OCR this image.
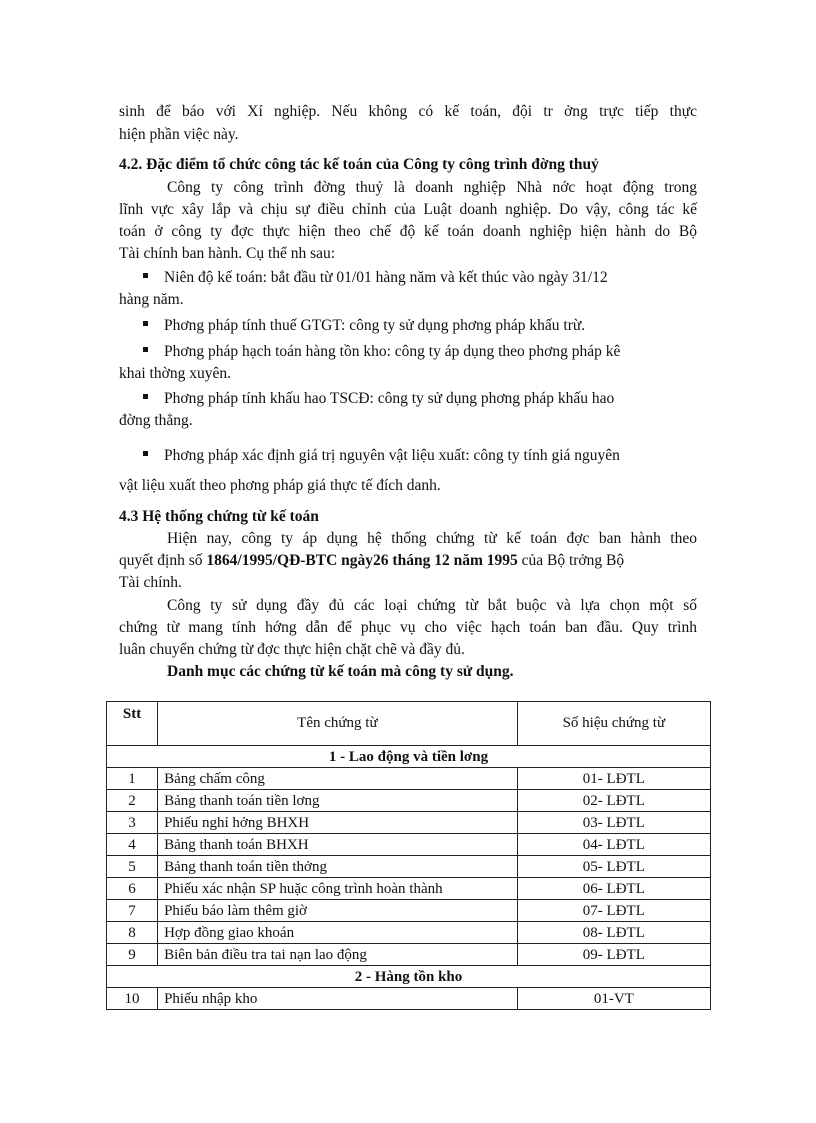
sinh để báo với Xí nghiệp. Nếu không có kế toán, đội tr ởng trực tiếp thực
hiện phần việc này.
4.2. Đặc điểm tổ chức công tác kế toán của Công ty công trình đờng thuỷ
Công ty công trình đờng thuỷ là doanh nghiệp Nhà nớc hoạt động trong
lĩnh vực xây lắp và chịu sự điều chỉnh của Luật doanh nghiệp. Do vậy, công tác kế
toán ở công ty đợc thực hiện theo chế độ kế toán doanh nghiệp hiện hành do Bộ
Tài chính ban hành. Cụ thể nh sau:
Niên độ kế toán: bắt đầu từ 01/01 hàng năm và kết thúc vào ngày 31/12
hàng năm.
Phơng pháp tính thuế GTGT: công ty sử dụng phơng pháp khấu trừ.
Phơng pháp hạch toán hàng tồn kho: công ty áp dụng theo phơng pháp kê
khai thờng xuyên.
Phơng pháp tính khấu hao TSCĐ: công ty sử dụng phơng pháp khấu hao
đờng thẳng.
Phơng pháp xác định giá trị nguyên vật liệu xuất: công ty tính giá nguyên
vật liệu xuất theo phơng pháp giá thực tế đích danh.
4.3 Hệ thống chứng từ kế toán
Hiện nay, công ty áp dụng hệ thống chứng từ kế toán đợc ban hành theo
quyết định số 1864/1995/QĐ-BTC ngày26 tháng 12 năm 1995 của Bộ trởng Bộ
Tài chính.
Công ty sử dụng đầy đủ các loại chứng từ bắt buộc và lựa chọn một số
chứng từ mang tính hớng dẫn để phục vụ cho việc hạch toán ban đầu. Quy trình
luân chuyển chứng từ đợc thực hiện chặt chẽ và đầy đủ.
Danh mục các chứng từ kế toán mà công ty sử dụng.
Stt	Tên chứng từ	Số hiệu chứng từ
1 - Lao động và tiền lơng		
1	Bảng chấm công	01- LĐTL
2	Bảng thanh toán tiền lơng	02- LĐTL
3	Phiếu nghỉ hởng BHXH	03- LĐTL
4	Bảng thanh toán BHXH	04- LĐTL
5	Bảng thanh toán tiền thởng	05- LĐTL
6	Phiếu xác nhận SP huặc công trình hoàn thành	06- LĐTL
7	Phiếu báo làm thêm giờ	07- LĐTL
8	Hợp đồng giao khoán	08- LĐTL
9	Biên bản điều tra tai nạn lao động	09- LĐTL
2 - Hàng tồn kho		
10	Phiếu nhập kho	01-VT
